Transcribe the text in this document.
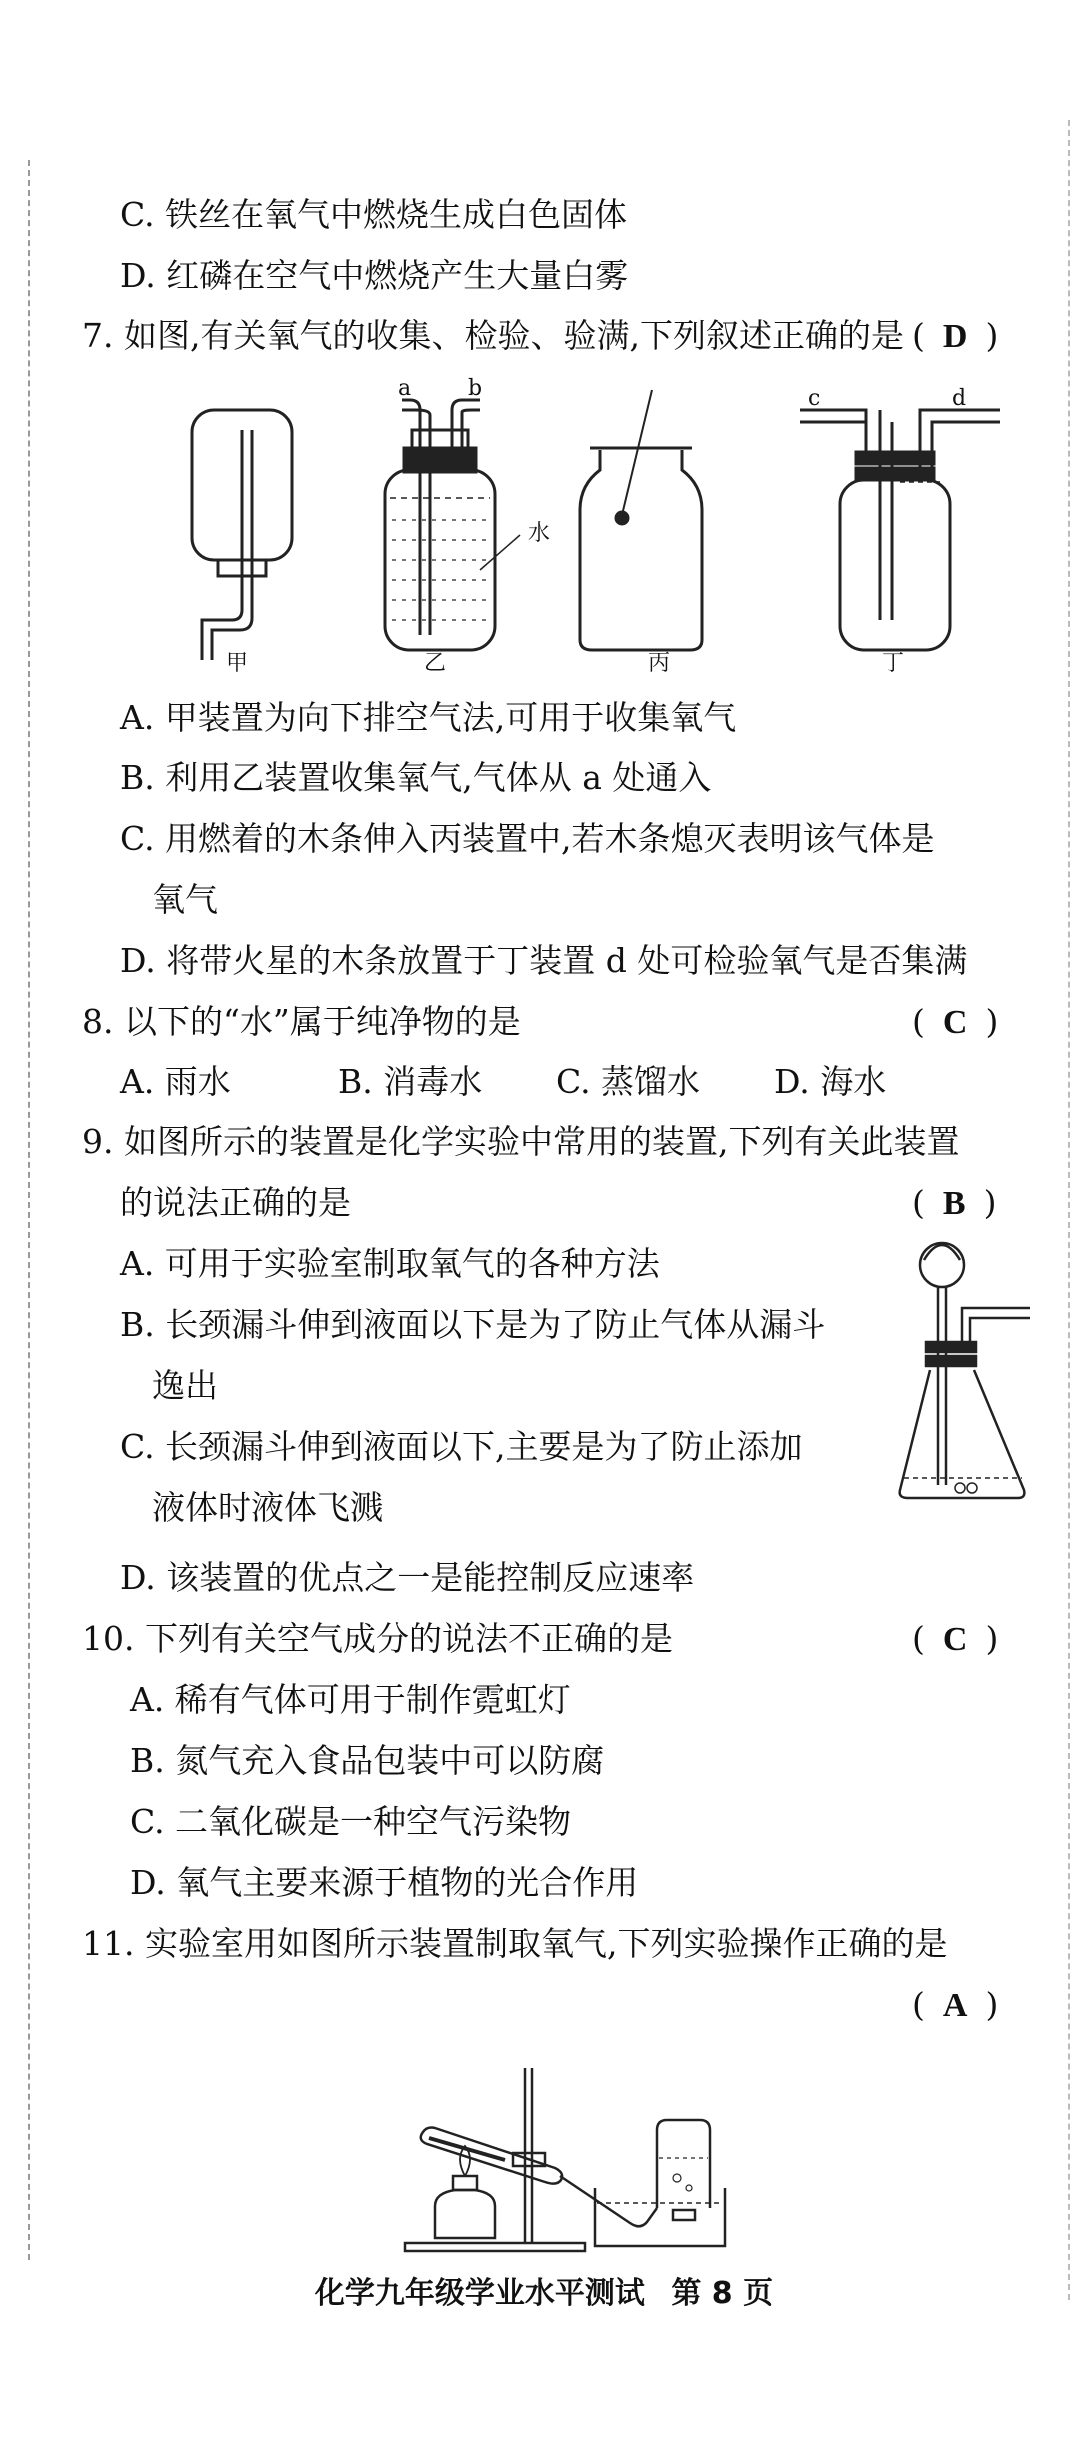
C. 铁丝在氧气中燃烧生成白色固体
D. 红磷在空气中燃烧产生大量白雾
7. 如图,有关氧气的收集、检验、验满,下列叙述正确的是 ( D )
a	b
水
c	d
甲	乙	丙	丁
A. 甲装置为向下排空气法,可用于收集氧气
B. 利用乙装置收集氧气,气体从 a 处通入
C. 用燃着的木条伸入丙装置中,若木条熄灭表明该气体是
氧气
D. 将带火星的木条放置于丁装置 d 处可检验氧气是否集满
8. 以下的“水”属于纯净物的是	( C )
A. 雨水	B. 消毒水 C. 蒸馏水 D. 海水
9. 如图所示的装置是化学实验中常用的装置,下列有关此装置
的说法正确的是	( B )
A. 可用于实验室制取氧气的各种方法
B. 长颈漏斗伸到液面以下是为了防止气体从漏斗
逸出
C. 长颈漏斗伸到液面以下,主要是为了防止添加
液体时液体飞溅
D. 该装置的优点之一是能控制反应速率
10. 下列有关空气成分的说法不正确的是	( C )
A. 稀有气体可用于制作霓虹灯
B. 氮气充入食品包装中可以防腐
C. 二氧化碳是一种空气污染物
D. 氧气主要来源于植物的光合作用
11. 实验室用如图所示装置制取氧气,下列实验操作正确的是
( A )
化学九年级学业水平测试 第 8 页
